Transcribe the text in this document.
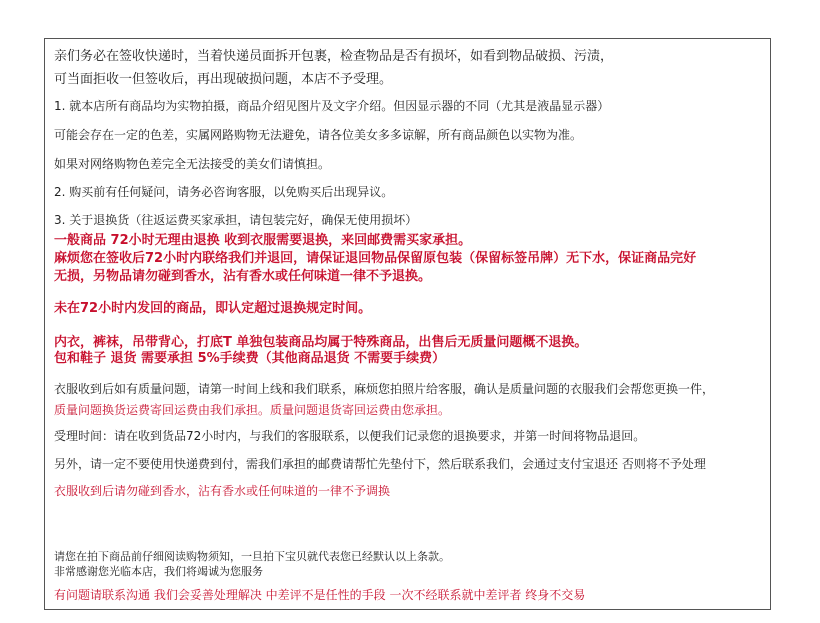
亲们务必在签收快递时，当着快递员面拆开包裹，检查物品是否有损坏，如看到物品破损、污渍，
可当面拒收一但签收后，再出现破损问题，本店不予受理。
1. 就本店所有商品均为实物拍摄，商品介绍见图片及文字介绍。但因显示器的不同（尤其是液晶显示器）
可能会存在一定的色差，实属网路购物无法避免，请各位美女多多谅解，所有商品颜色以实物为准。
如果对网络购物色差完全无法接受的美女们请慎担。
2. 购买前有任何疑问，请务必咨询客服，以免购买后出现异议。
3. 关于退换货（往返运费买家承担，请包装完好，确保无使用损坏）
一般商品 72小时无理由退换 收到衣服需要退换，来回邮费需买家承担。
麻烦您在签收后72小时内联络我们并退回，请保证退回物品保留原包装（保留标签吊牌）无下水，保证商品完好
无损，另物品请勿碰到香水，沾有香水或任何味道一律不予退换。
未在72小时内发回的商品，即认定超过退换规定时间。
内衣，裤袜，吊带背心，打底T 单独包装商品均属于特殊商品，出售后无质量问题概不退换。
包和鞋子 退货 需要承担 5%手续费（其他商品退货 不需要手续费）
衣服收到后如有质量问题，请第一时间上线和我们联系，麻烦您拍照片给客服，确认是质量问题的衣服我们会帮您更换一件，
质量问题换货运费寄回运费由我们承担。质量问题退货寄回运费由您承担。
受理时间：请在收到货品72小时内，与我们的客服联系，以便我们记录您的退换要求，并第一时间将物品退回。
另外，请一定不要使用快递费到付，需我们承担的邮费请帮忙先垫付下，然后联系我们，会通过支付宝退还 否则将不予处理
衣服收到后请勿碰到香水，沾有香水或任何味道的一律不予调换
请您在拍下商品前仔细阅读购物须知，一旦拍下宝贝就代表您已经默认以上条款。
非常感谢您光临本店，我们将竭诚为您服务
有问题请联系沟通 我们会妥善处理解决 中差评不是任性的手段 一次不经联系就中差评者 终身不交易
